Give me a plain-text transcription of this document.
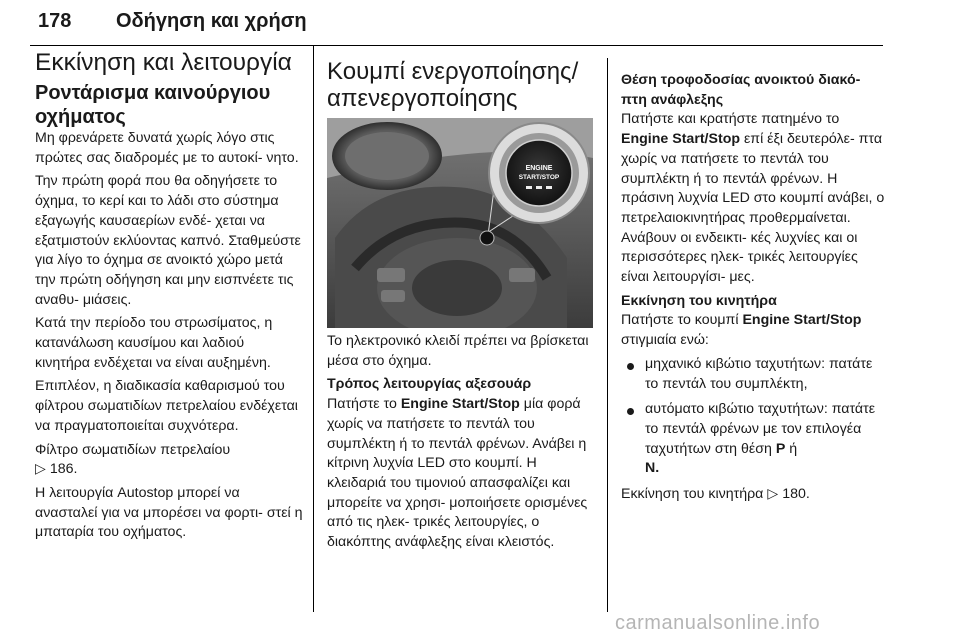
178 Οδήγηση και χρήση
Εκκίνηση και λειτουργία
Ροντάρισμα καινούργιου οχήματος

Μη φρενάρετε δυνατά χωρίς λόγο στις πρώτες σας διαδρομές με το αυτοκί- νητο.

Την πρώτη φορά που θα οδηγήσετε το όχημα, το κερί και το λάδι στο σύστημα εξαγωγής καυσαερίων ενδέ- χεται να εξατμιστούν εκλύοντας καπνό. Σταθμεύστε για λίγο το όχημα σε ανοικτό χώρο μετά την πρώτη οδήγηση και μην εισπνέετε τις αναθυ- μιάσεις.

Κατά την περίοδο του στρωσίματος, η κατανάλωση καυσίμου και λαδιού κινητήρα ενδέχεται να είναι αυξημένη.

Επιπλέον, η διαδικασία καθαρισμού του φίλτρου σωματιδίων πετρελαίου ενδέχεται να πραγματοποιείται συχνότερα.

Φίλτρο σωματιδίων πετρελαίου
▷ 186.

Η λειτουργία Autostop μπορεί να ανασταλεί για να μπορέσει να φορτι- στεί η μπαταρία του οχήματος.

Κουμπί ενεργοποίησης/ απενεργοποίησης
ENGINE
START/STOP

Το ηλεκτρονικό κλειδί πρέπει να βρίσκεται μέσα στο όχημα.

Τρόπος λειτουργίας αξεσουάρ

Πατήστε το Engine Start/Stop μία φορά χωρίς να πατήσετε το πεντάλ του συμπλέκτη ή το πεντάλ φρένων. Ανάβει η κίτρινη λυχνία LED στο κουμπί. Η κλειδαριά του τιμονιού απασφαλίζει και μπορείτε να χρησι- μοποιήσετε ορισμένες από τις ηλεκ- τρικές λειτουργίες, ο διακόπτης ανάφλεξης είναι κλειστός.

Θέση τροφοδοσίας ανοικτού διακό- πτη ανάφλεξης

Πατήστε και κρατήστε πατημένο το Engine Start/Stop επί έξι δευτερόλε- πτα χωρίς να πατήσετε το πεντάλ του συμπλέκτη ή το πεντάλ φρένων. Η πράσινη λυχνία LED στο κουμπί ανάβει, ο πετρελαιοκινητήρας προθερμαίνεται. Ανάβουν οι ενδεικτι- κές λυχνίες και οι περισσότερες ηλεκ- τρικές λειτουργίες είναι λειτουργίσι- μες.

Εκκίνηση του κινητήρα

Πατήστε το κουμπί Engine Start/Stop στιγμιαία ενώ:

μηχανικό κιβώτιο ταχυτήτων: πατάτε το πεντάλ του συμπλέκτη,
αυτόματο κιβώτιο ταχυτήτων: πατάτε το πεντάλ φρένων με τον επιλογέα ταχυτήτων στη θέση P ή
N.

Εκκίνηση του κινητήρα ▷ 180.

carmanualsonline.info
